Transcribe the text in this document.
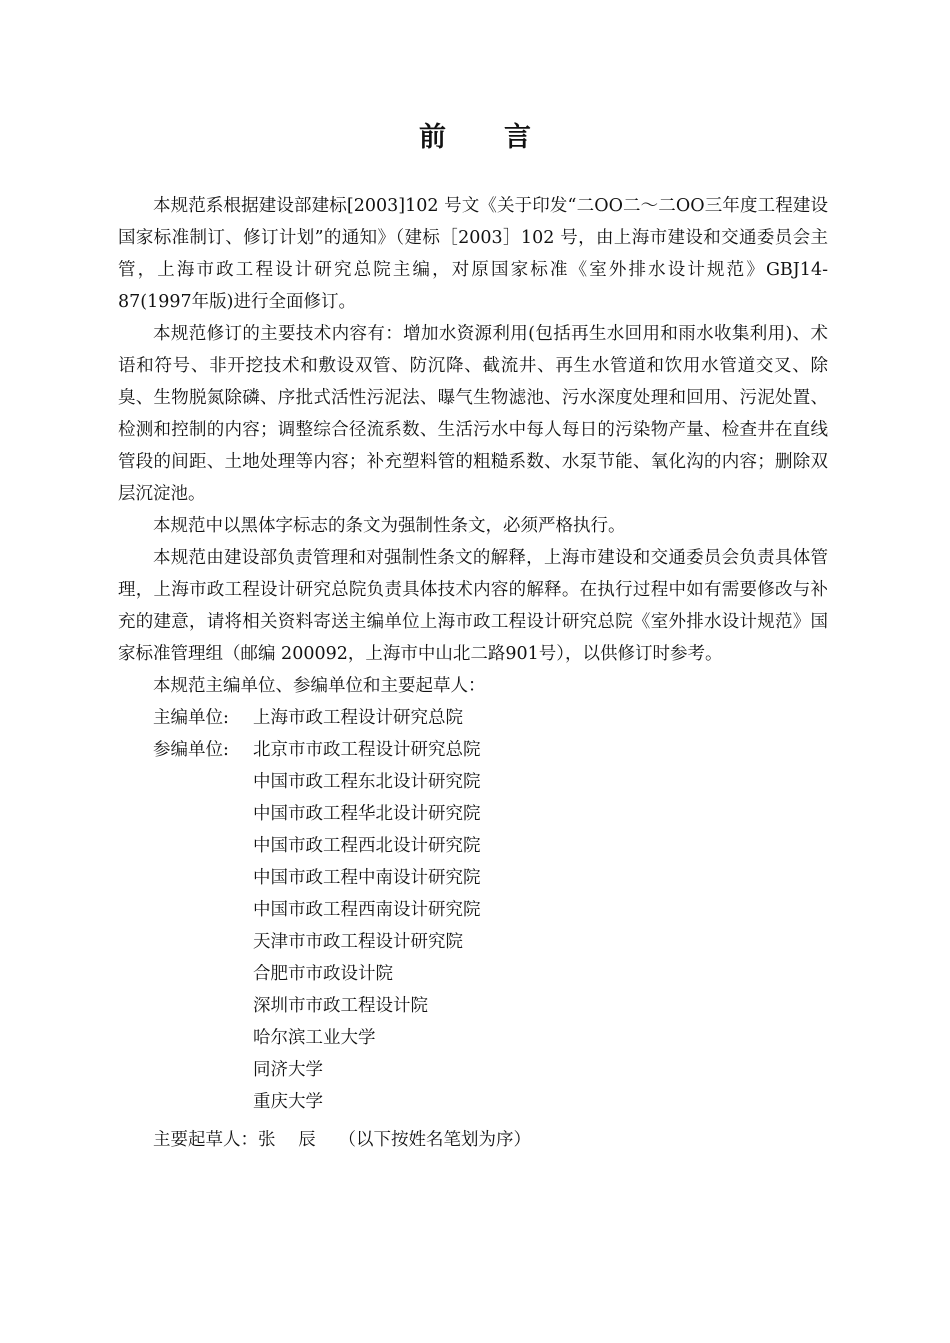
前言

本规范系根据建设部建标[2003]102 号文《关于印发“二OO二～二OO三年度工程建设国家标准制订、修订计划”的通知》（建标［2003］102 号，由上海市建设和交通委员会主管，上海市政工程设计研究总院主编，对原国家标准《室外排水设计规范》GBJ14-87(1997年版)进行全面修订。

本规范修订的主要技术内容有：增加水资源利用(包括再生水回用和雨水收集利用)、术语和符号、非开挖技术和敷设双管、防沉降、截流井、再生水管道和饮用水管道交叉、除臭、生物脱氮除磷、序批式活性污泥法、曝气生物滤池、污水深度处理和回用、污泥处置、检测和控制的内容；调整综合径流系数、生活污水中每人每日的污染物产量、检查井在直线管段的间距、土地处理等内容；补充塑料管的粗糙系数、水泵节能、氧化沟的内容；删除双层沉淀池。

本规范中以黑体字标志的条文为强制性条文，必须严格执行。

本规范由建设部负责管理和对强制性条文的解释，上海市建设和交通委员会负责具体管理，上海市政工程设计研究总院负责具体技术内容的解释。在执行过程中如有需要修改与补充的建意，请将相关资料寄送主编单位上海市政工程设计研究总院《室外排水设计规范》国家标准管理组（邮编 200092，上海市中山北二路901号），以供修订时参考。

本规范主编单位、参编单位和主要起草人：

主编单位:	上海市政工程设计研究总院
参编单位:	北京市市政工程设计研究总院
中国市政工程东北设计研究院
中国市政工程华北设计研究院
中国市政工程西北设计研究院
中国市政工程中南设计研究院
中国市政工程西南设计研究院
天津市市政工程设计研究院
合肥市市政设计院
深圳市市政工程设计院
哈尔滨工业大学
同济大学
重庆大学
主要起草人：张辰（以下按姓名笔划为序）
